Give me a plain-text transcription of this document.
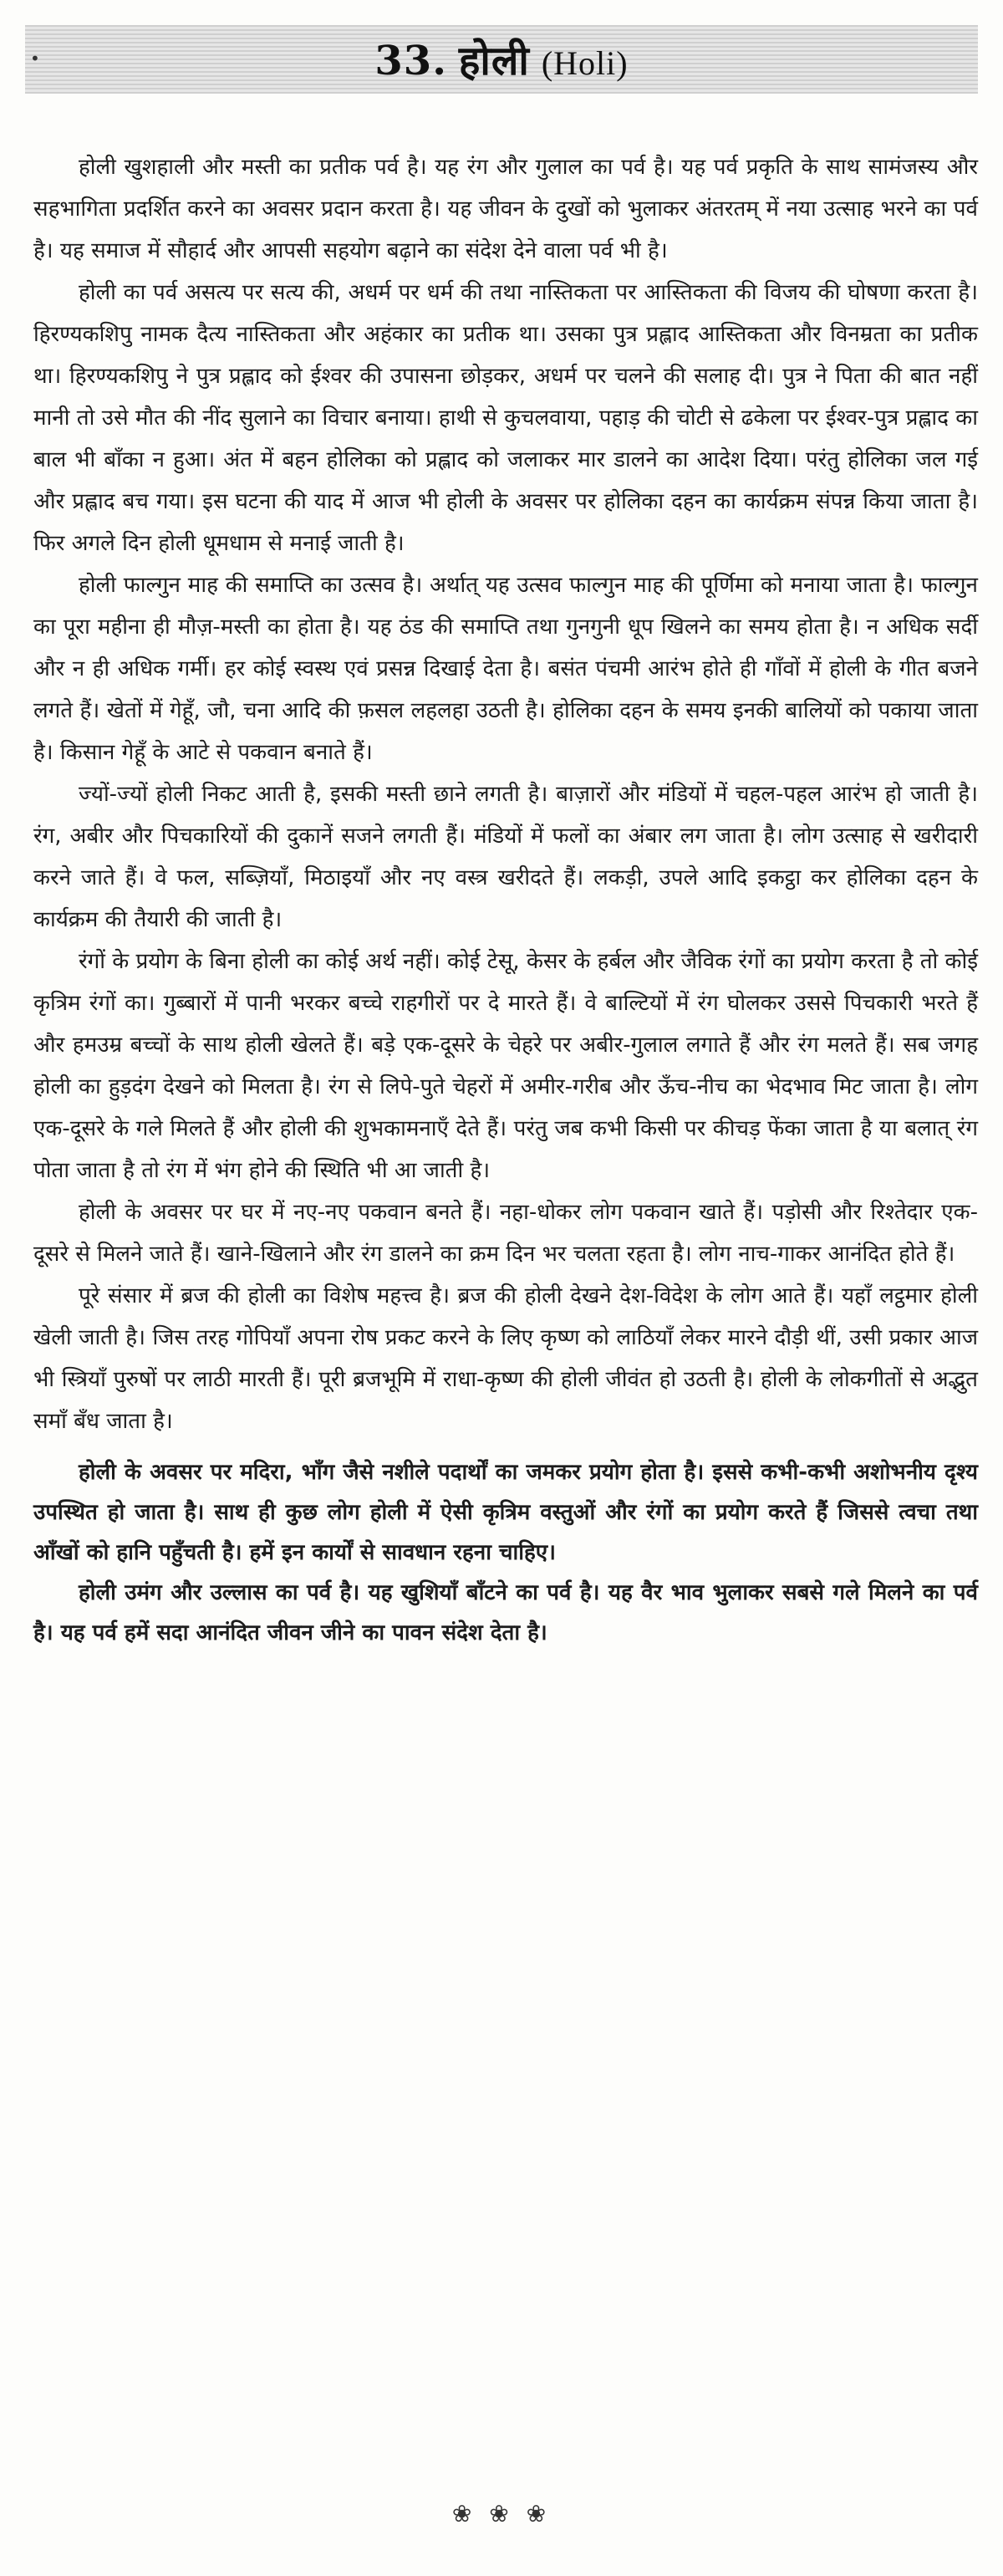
•	33. होली (Holi)

होली खुशहाली और मस्ती का प्रतीक पर्व है। यह रंग और गुलाल का पर्व है। यह पर्व प्रकृति के साथ सामंजस्य और सहभागिता प्रदर्शित करने का अवसर प्रदान करता है। यह जीवन के दुखों को भुलाकर अंतरतम् में नया उत्साह भरने का पर्व है। यह समाज में सौहार्द और आपसी सहयोग बढ़ाने का संदेश देने वाला पर्व भी है।

होली का पर्व असत्य पर सत्य की, अधर्म पर धर्म की तथा नास्तिकता पर आस्तिकता की विजय की घोषणा करता है। हिरण्यकशिपु नामक दैत्य नास्तिकता और अहंकार का प्रतीक था। उसका पुत्र प्रह्लाद आस्तिकता और विनम्रता का प्रतीक था। हिरण्यकशिपु ने पुत्र प्रह्लाद को ईश्वर की उपासना छोड़कर, अधर्म पर चलने की सलाह दी। पुत्र ने पिता की बात नहीं मानी तो उसे मौत की नींद सुलाने का विचार बनाया। हाथी से कुचलवाया, पहाड़ की चोटी से ढकेला पर ईश्वर-पुत्र प्रह्लाद का बाल भी बाँका न हुआ। अंत में बहन होलिका को प्रह्लाद को जलाकर मार डालने का आदेश दिया। परंतु होलिका जल गई और प्रह्लाद बच गया। इस घटना की याद में आज भी होली के अवसर पर होलिका दहन का कार्यक्रम संपन्न किया जाता है। फिर अगले दिन होली धूमधाम से मनाई जाती है।

होली फाल्गुन माह की समाप्ति का उत्सव है। अर्थात् यह उत्सव फाल्गुन माह की पूर्णिमा को मनाया जाता है। फाल्गुन का पूरा महीना ही मौज़-मस्ती का होता है। यह ठंड की समाप्ति तथा गुनगुनी धूप खिलने का समय होता है। न अधिक सर्दी और न ही अधिक गर्मी। हर कोई स्वस्थ एवं प्रसन्न दिखाई देता है। बसंत पंचमी आरंभ होते ही गाँवों में होली के गीत बजने लगते हैं। खेतों में गेहूँ, जौ, चना आदि की फ़सल लहलहा उठती है। होलिका दहन के समय इनकी बालियों को पकाया जाता है। किसान गेहूँ के आटे से पकवान बनाते हैं।

ज्यों-ज्यों होली निकट आती है, इसकी मस्ती छाने लगती है। बाज़ारों और मंडियों में चहल-पहल आरंभ हो जाती है। रंग, अबीर और पिचकारियों की दुकानें सजने लगती हैं। मंडियों में फलों का अंबार लग जाता है। लोग उत्साह से खरीदारी करने जाते हैं। वे फल, सब्ज़ियाँ, मिठाइयाँ और नए वस्त्र खरीदते हैं। लकड़ी, उपले आदि इकट्ठा कर होलिका दहन के कार्यक्रम की तैयारी की जाती है।

रंगों के प्रयोग के बिना होली का कोई अर्थ नहीं। कोई टेसू, केसर के हर्बल और जैविक रंगों का प्रयोग करता है तो कोई कृत्रिम रंगों का। गुब्बारों में पानी भरकर बच्चे राहगीरों पर दे मारते हैं। वे बाल्टियों में रंग घोलकर उससे पिचकारी भरते हैं और हमउम्र बच्चों के साथ होली खेलते हैं। बड़े एक-दूसरे के चेहरे पर अबीर-गुलाल लगाते हैं और रंग मलते हैं। सब जगह होली का हुड़दंग देखने को मिलता है। रंग से लिपे-पुते चेहरों में अमीर-गरीब और ऊँच-नीच का भेदभाव मिट जाता है। लोग एक-दूसरे के गले मिलते हैं और होली की शुभकामनाएँ देते हैं। परंतु जब कभी किसी पर कीचड़ फेंका जाता है या बलात् रंग पोता जाता है तो रंग में भंग होने की स्थिति भी आ जाती है।

होली के अवसर पर घर में नए-नए पकवान बनते हैं। नहा-धोकर लोग पकवान खाते हैं। पड़ोसी और रिश्तेदार एक-दूसरे से मिलने जाते हैं। खाने-खिलाने और रंग डालने का क्रम दिन भर चलता रहता है। लोग नाच-गाकर आनंदित होते हैं।

पूरे संसार में ब्रज की होली का विशेष महत्त्व है। ब्रज की होली देखने देश-विदेश के लोग आते हैं। यहाँ लट्ठमार होली खेली जाती है। जिस तरह गोपियाँ अपना रोष प्रकट करने के लिए कृष्ण को लाठियाँ लेकर मारने दौड़ी थीं, उसी प्रकार आज भी स्त्रियाँ पुरुषों पर लाठी मारती हैं। पूरी ब्रजभूमि में राधा-कृष्ण की होली जीवंत हो उठती है। होली के लोकगीतों से अद्भुत समाँ बँध जाता है।

होली के अवसर पर मदिरा, भाँग जैसे नशीले पदार्थों का जमकर प्रयोग होता है। इससे कभी-कभी अशोभनीय दृश्य उपस्थित हो जाता है। साथ ही कुछ लोग होली में ऐसी कृत्रिम वस्तुओं और रंगों का प्रयोग करते हैं जिससे त्वचा तथा आँखों को हानि पहुँचती है। हमें इन कार्यों से सावधान रहना चाहिए।

होली उमंग और उल्लास का पर्व है। यह खुशियाँ बाँटने का पर्व है। यह वैर भाव भुलाकर सबसे गले मिलने का पर्व है। यह पर्व हमें सदा आनंदित जीवन जीने का पावन संदेश देता है।

❀ ❀ ❀
